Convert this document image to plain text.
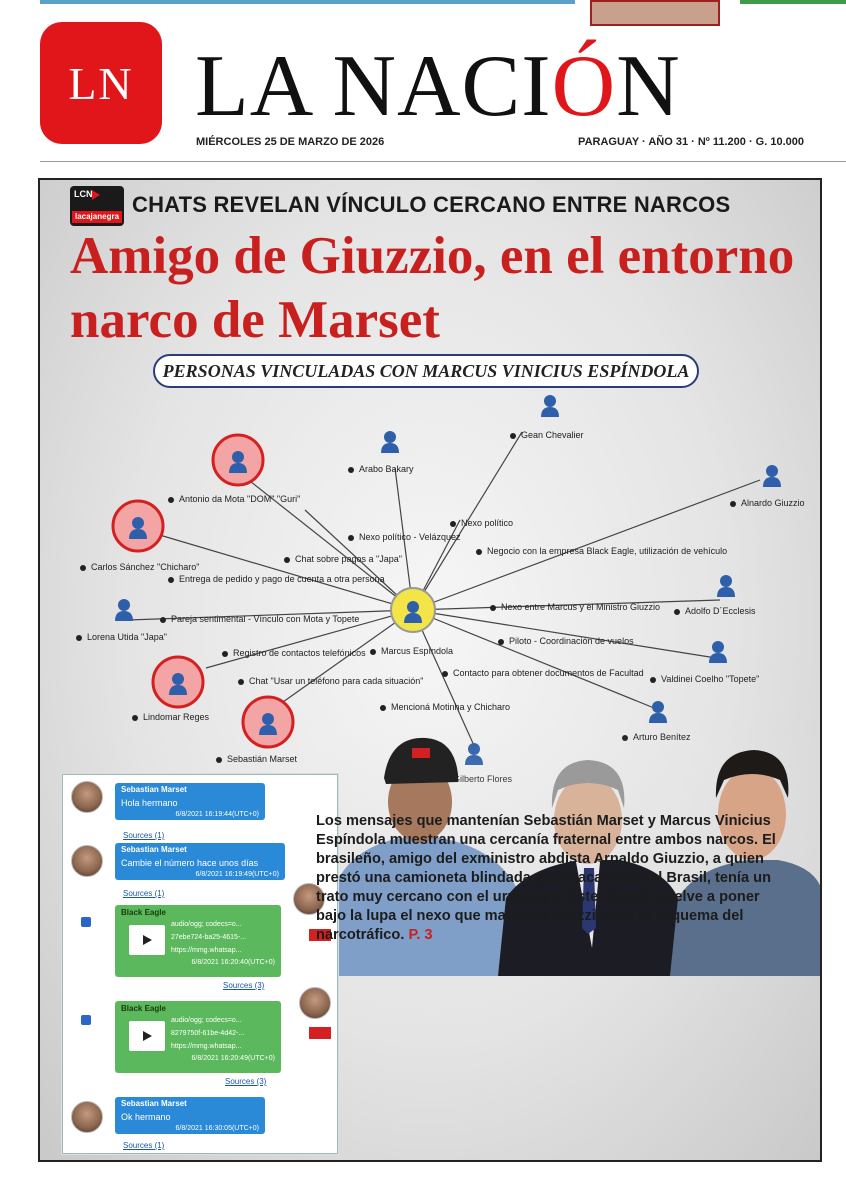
LN LA NACIÓN
MIÉRCOLES 25 DE MARZO DE 2026	PARAGUAY · AÑO 31 · Nº 11.200 · G. 10.000
LCN
lacajanegra CHATS REVELAN VÍNCULO CERCANO ENTRE NARCOS
Amigo de Giuzzio, en el entorno narco de Marset
PERSONAS VINCULADAS CON MARCUS VINICIUS ESPÍNDOLA
Gean Chevalier
Arabo Bakary
Antonio da Mota "DOM" "Guri"	Alnardo Giuzzio
Carlos Sánchez "Chicharo"
Lorena Utida "Japa"
Adolfo D´Ecclesis
Valdinei Coelho "Topete"
Lindomar Reges
Sebastián Marset
Marcus Espíndola
Nexo político - Velázquez
Nexo político
Chat sobre pagos a "Japa"
Negocio con la empresa Black Eagle, utilización de vehículo
Entrega de pedido y pago de cuenta a otra persona
Pareja sentimental - Vínculo con Mota y Topete
Nexo entre Marcus y el Ministro Giuzzio
Registro de contactos telefónicos
Piloto - Coordinación de vuelos
Chat "Usar un teléfono para cada situación"
Contacto para obtener documentos de Facultad
Mencioná Motinha y Chicharo
Sebastian Marset
Hola hermano
6/8/2021 16:19:44(UTC+0)
Sources (1)
Sebastian Marset
Cambie el número hace unos días
6/8/2021 16:19:49(UTC+0)
Sources (1)
Black Eagle
audio/ogg; codecs=o...
27ebe724-ba25-4615-...
https://mmg.whatsap...
6/8/2021 16:20:40(UTC+0)
Sources (3)
Black Eagle
audio/ogg; codecs=o...
8279750f-61be-4d42-...
https://mmg.whatsap...
6/8/2021 16:20:49(UTC+0)
Sources (3)
Sebastian Marset
Ok hermano
6/8/2021 16:30:05(UTC+0)
Sources (1)
Los mensajes que mantenían Sebastián Marset y Marcus Vinicius Espíndola muestran una cercanía fraternal entre ambos narcos. El brasileño, amigo del exministro abdista Arnaldo Giuzzio, a quien prestó una camioneta blindada para vacacionar al Brasil, tenía un trato muy cercano con el uruguayo. Este vínculo vuelve a poner bajo la lupa el nexo que mantenía Giuzzio con el esquema del narcotráfico. P. 3
